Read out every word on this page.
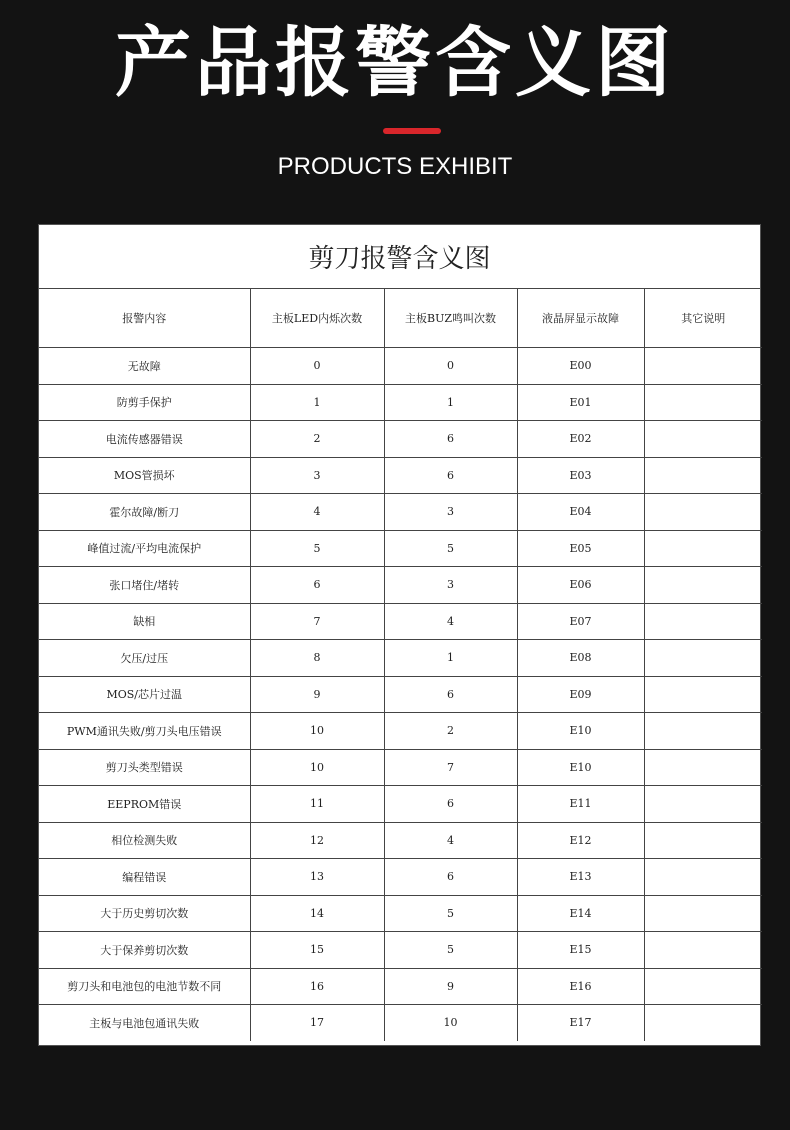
产品报警含义图
PRODUCTS EXHIBIT
剪刀报警含义图
报警内容	主板LED内烁次数	主板BUZ鸣叫次数	液晶屏显示故障	其它说明
无故障	0	0	E00	
防剪手保护	1	1	E01	
电流传感器错误	2	6	E02	
MOS管损坏	3	6	E03	
霍尔故障/断刀	4	3	E04	
峰值过流/平均电流保护	5	5	E05	
张口堵住/堵转	6	3	E06	
缺相	7	4	E07	
欠压/过压	8	1	E08	
MOS/芯片过温	9	6	E09	
PWM通讯失败/剪刀头电压错误	10	2	E10	
剪刀头类型错误	10	7	E10	
EEPROM错误	11	6	E11	
相位检测失败	12	4	E12	
编程错误	13	6	E13	
大于历史剪切次数	14	5	E14	
大于保养剪切次数	15	5	E15	
剪刀头和电池包的电池节数不同	16	9	E16	
主板与电池包通讯失败	17	10	E17	
